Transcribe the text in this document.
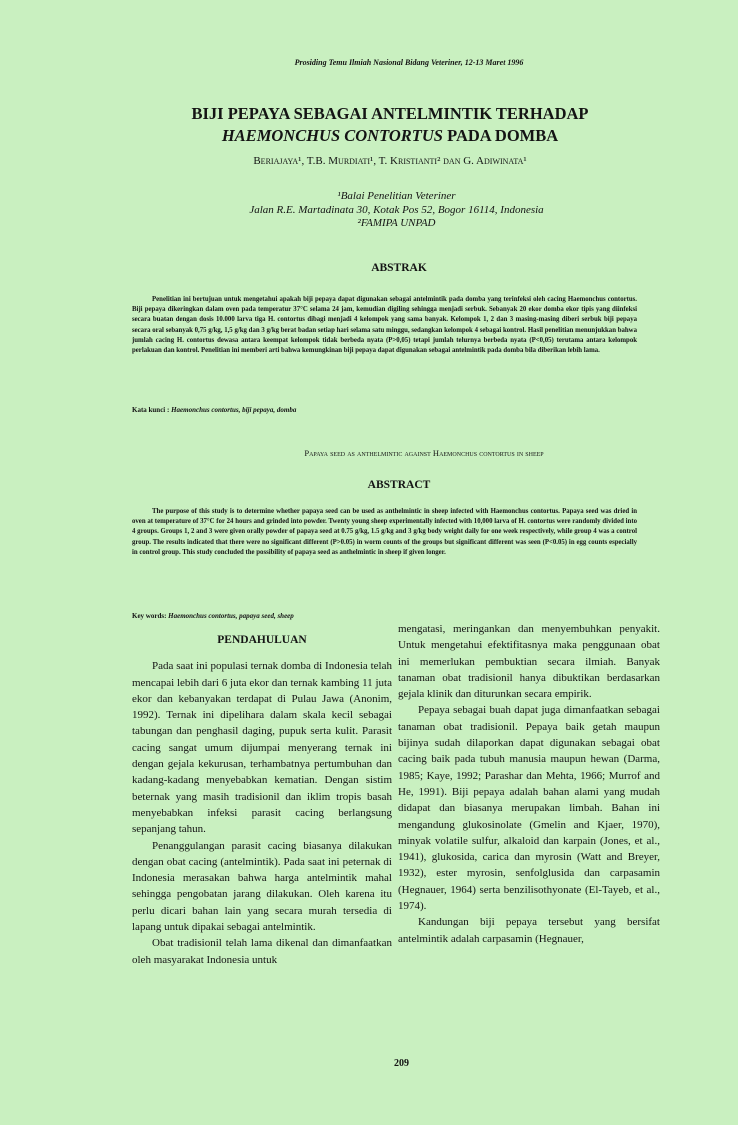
Prosiding Temu Ilmiah Nasional Bidang Veteriner, 12-13 Maret 1996
BIJI PEPAYA SEBAGAI ANTELMINTIK TERHADAP
HAEMONCHUS CONTORTUS PADA DOMBA
Beriajaya¹, T.B. Murdiati¹, T. Kristianti² dan G. Adiwinata¹
¹Balai Penelitian Veteriner
Jalan R.E. Martadinata 30, Kotak Pos 52, Bogor 16114, Indonesia
²FAMIPA UNPAD
ABSTRAK

Penelitian ini bertujuan untuk mengetahui apakah biji pepaya dapat digunakan sebagai antelmintik pada domba yang terinfeksi oleh cacing Haemonchus contortus. Biji pepaya dikeringkan dalam oven pada temperatur 37°C selama 24 jam, kemudian digiling sehingga menjadi serbuk. Sebanyak 20 ekor domba ekor tipis yang diinfeksi secara buatan dengan dosis 10.000 larva tiga H. contortus dibagi menjadi 4 kelompok yang sama banyak. Kelompok 1, 2 dan 3 masing-masing diberi serbuk biji pepaya secara oral sebanyak 0,75 g/kg, 1,5 g/kg dan 3 g/kg berat badan setiap hari selama satu minggu, sedangkan kelompok 4 sebagai kontrol. Hasil penelitian menunjukkan bahwa jumlah cacing H. contortus dewasa antara keempat kelompok tidak berbeda nyata (P>0,05) tetapi jumlah telurnya berbeda nyata (P<0,05) terutama antara kelompok perlakuan dan kontrol. Penelitian ini memberi arti bahwa kemungkinan biji pepaya dapat digunakan sebagai antelmintik pada domba bila diberikan lebih lama.

Kata kunci : Haemonchus contortus, biji pepaya, domba
Papaya seed as anthelmintic against Haemonchus contortus in sheep
ABSTRACT

The purpose of this study is to determine whether papaya seed can be used as anthelmintic in sheep infected with Haemonchus contortus. Papaya seed was dried in oven at temperature of 37°C for 24 hours and grinded into powder. Twenty young sheep experimentally infected with 10,000 larva of H. contortus were randomly divided into 4 groups. Groups 1, 2 and 3 were given orally powder of papaya seed at 0.75 g/kg, 1.5 g/kg and 3 g/kg body weight daily for one week respectively, while group 4 was a control group. The results indicated that there were no significant different (P>0.05) in worm counts of the groups but significant different was seen (P<0.05) in egg counts especially in control group. This study concluded the possibility of papaya seed as anthelmintic in sheep if given longer.

Key words: Haemonchus contortus, papaya seed, sheep
PENDAHULUAN

Pada saat ini populasi ternak domba di Indonesia telah mencapai lebih dari 6 juta ekor dan ternak kambing 11 juta ekor dan kebanyakan terdapat di Pulau Jawa (Anonim, 1992). Ternak ini dipelihara dalam skala kecil sebagai tabungan dan penghasil daging, pupuk serta kulit. Parasit cacing sangat umum dijumpai menyerang ternak ini dengan gejala kekurusan, terhambatnya pertumbuhan dan kadang-kadang menyebabkan kematian. Dengan sistim beternak yang masih tradisionil dan iklim tropis basah menyebabkan infeksi parasit cacing berlangsung sepanjang tahun.

Penanggulangan parasit cacing biasanya dilakukan dengan obat cacing (antelmintik). Pada saat ini peternak di Indonesia merasakan bahwa harga antelmintik mahal sehingga pengobatan jarang dilakukan. Oleh karena itu perlu dicari bahan lain yang secara murah tersedia di lapang untuk dipakai sebagai antelmintik.

Obat tradisionil telah lama dikenal dan dimanfaatkan oleh masyarakat Indonesia untuk

mengatasi, meringankan dan menyembuhkan penyakit. Untuk mengetahui efektifitasnya maka penggunaan obat ini memerlukan pembuktian secara ilmiah. Banyak tanaman obat tradisionil hanya dibuktikan berdasarkan gejala klinik dan diturunkan secara empirik.

Pepaya sebagai buah dapat juga dimanfaatkan sebagai tanaman obat tradisionil. Pepaya baik getah maupun bijinya sudah dilaporkan dapat digunakan sebagai obat cacing baik pada tubuh manusia maupun hewan (Darma, 1985; Kaye, 1992; Parashar dan Mehta, 1966; Murrof and He, 1991). Biji pepaya adalah bahan alami yang mudah didapat dan biasanya merupakan limbah. Bahan ini mengandung glukosinolate (Gmelin and Kjaer, 1970), minyak volatile sulfur, alkaloid dan karpain (Jones, et al., 1941), glukosida, carica dan myrosin (Watt and Breyer, 1932), ester myrosin, senfolglusida dan carpasamin (Hegnauer, 1964) serta benzilisothyonate (El-Tayeb, et al., 1974).

Kandungan biji pepaya tersebut yang bersifat antelmintik adalah carpasamin (Hegnauer,

209
